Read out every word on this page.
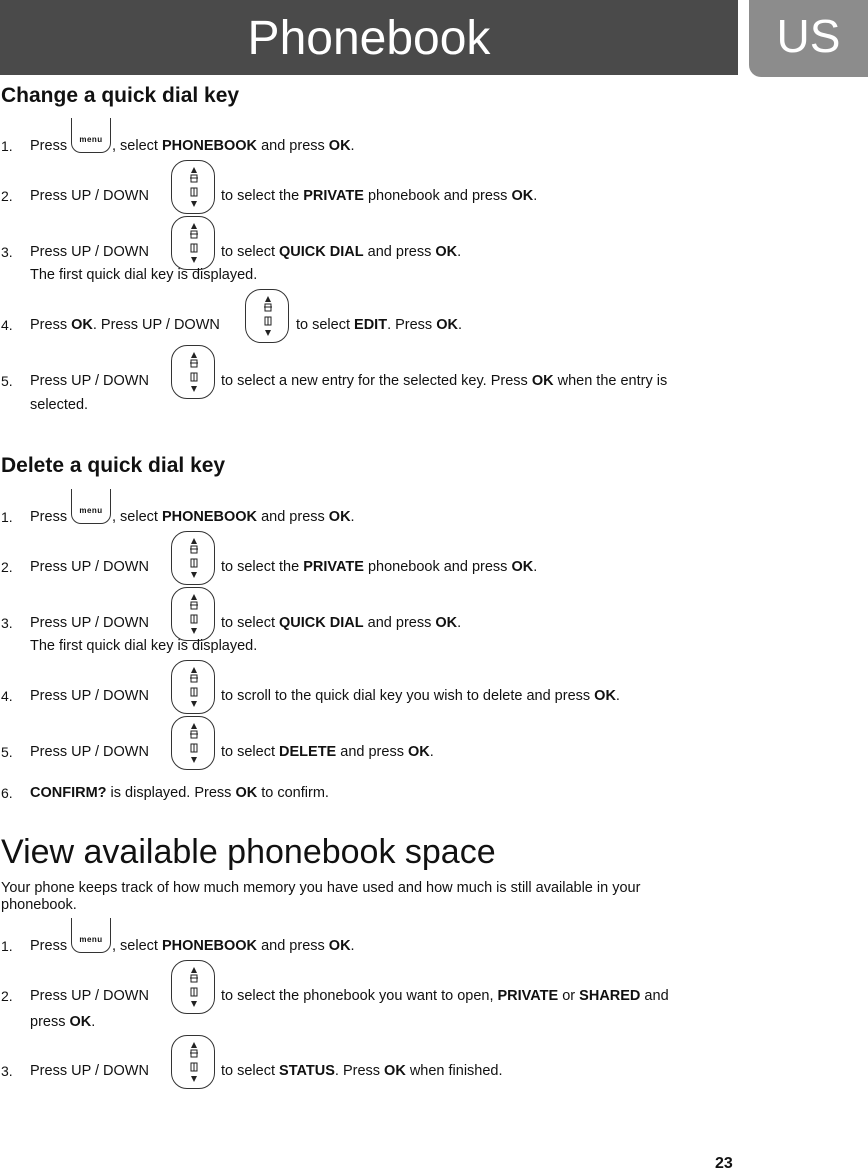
Phonebook	US
Change a quick dial key
1. Press	menu , select PHONEBOOK and press OK.
2. Press UP / DOWN	to select the PRIVATE phonebook and press OK.
3. Press UP / DOWN	to select QUICK DIAL and press OK.
The first quick dial key is displayed.
4. Press OK. Press UP / DOWN	to select EDIT. Press OK.
5. Press UP / DOWN	to select a new entry for the selected key. Press OK when the entry is
selected.
Delete a quick dial key
1. Press	menu , select PHONEBOOK and press OK.
2. Press UP / DOWN	to select the PRIVATE phonebook and press OK.
3. Press UP / DOWN	to select QUICK DIAL and press OK.
The first quick dial key is displayed.
4. Press UP / DOWN	to scroll to the quick dial key you wish to delete and press OK.
5. Press UP / DOWN	to select DELETE and press OK.
6. CONFIRM? is displayed. Press OK to confirm.
View available phonebook space
Your phone keeps track of how much memory you have used and how much is still available in your phonebook.
1. Press	menu , select PHONEBOOK and press OK.
2. Press UP / DOWN	to select the phonebook you want to open, PRIVATE or SHARED and
press OK.
3. Press UP / DOWN	to select STATUS. Press OK when finished.
23
